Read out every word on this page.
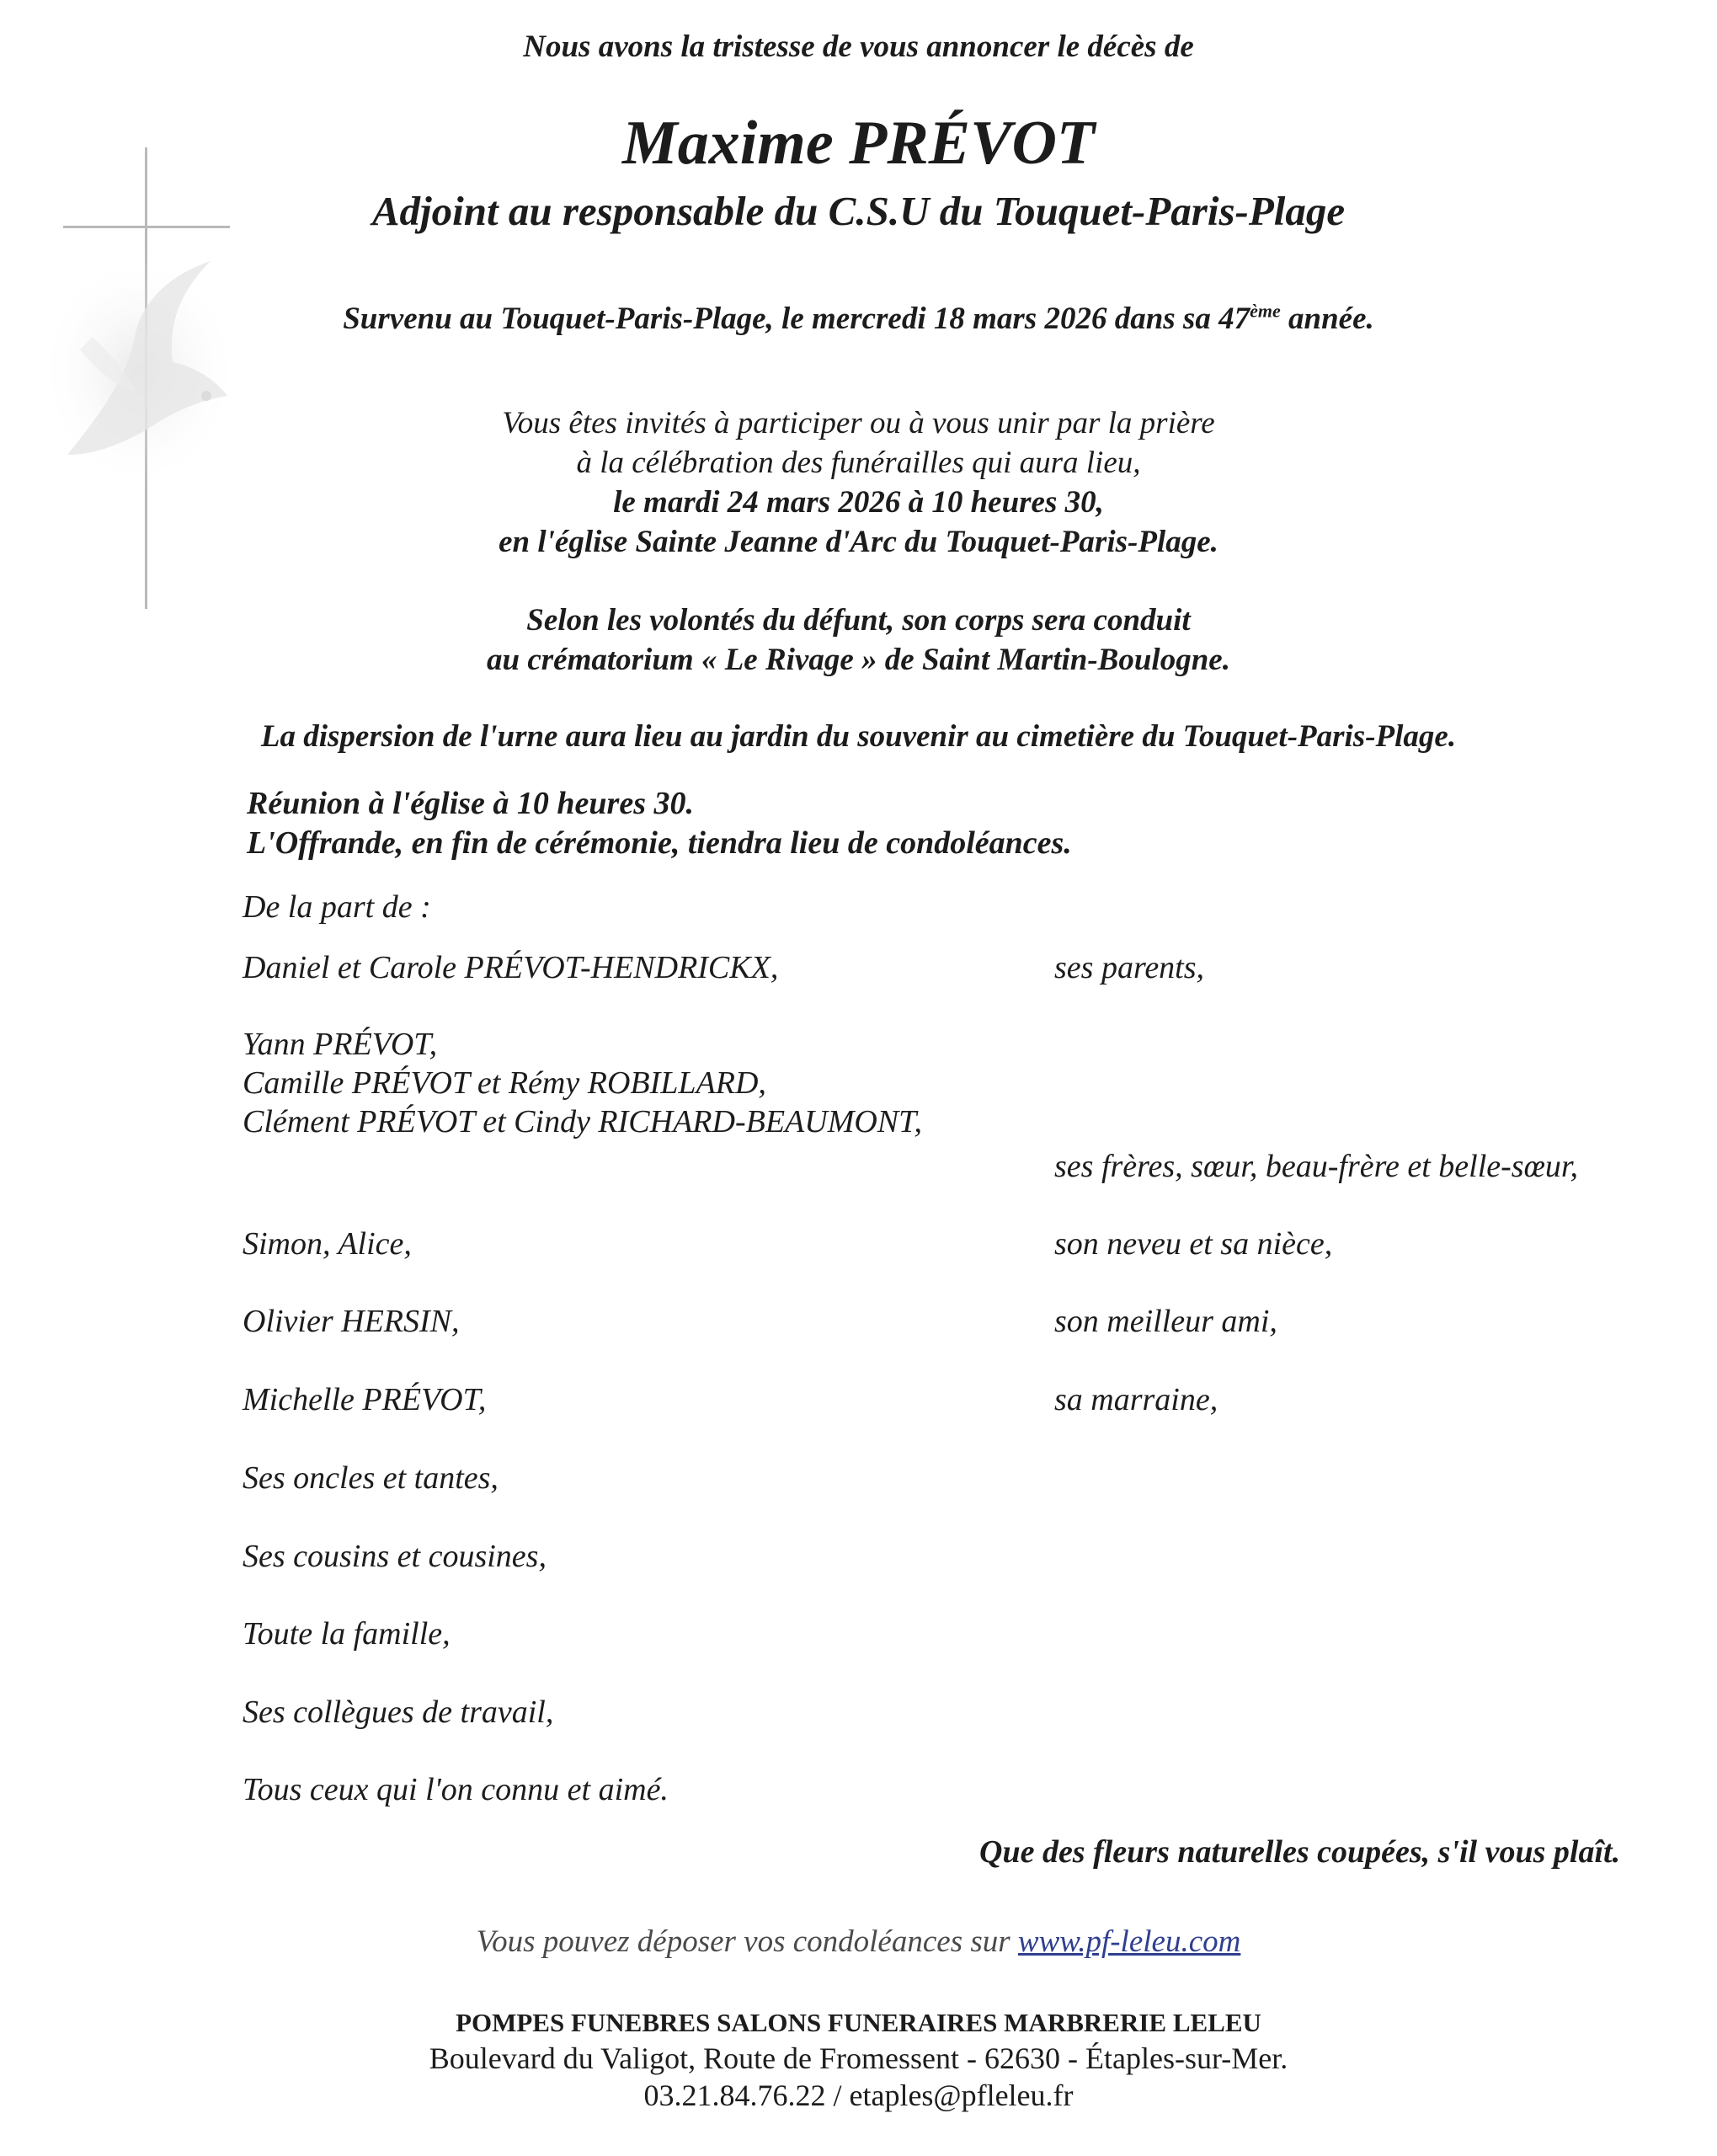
Nous avons la tristesse de vous annoncer le décès de
Maxime PRÉVOT
Adjoint au responsable du C.S.U du Touquet-Paris-Plage
Survenu au Touquet-Paris-Plage, le mercredi 18 mars 2026 dans sa 47ème année.
Vous êtes invités à participer ou à vous unir par la prière
à la célébration des funérailles qui aura lieu,
le mardi 24 mars 2026 à 10 heures 30,
en l'église Sainte Jeanne d'Arc du Touquet-Paris-Plage.
Selon les volontés du défunt, son corps sera conduit
au crématorium « Le Rivage » de Saint Martin-Boulogne.
La dispersion de l'urne aura lieu au jardin du souvenir au cimetière du Touquet-Paris-Plage.
Réunion à l'église à 10 heures 30.
L'Offrande, en fin de cérémonie, tiendra lieu de condoléances.
De la part de :
Daniel et Carole PRÉVOT-HENDRICKX,	ses parents,
Yann PRÉVOT,
Camille PRÉVOT et Rémy ROBILLARD,
Clément PRÉVOT et Cindy RICHARD-BEAUMONT,
ses frères, sœur, beau-frère et belle-sœur,
Simon, Alice,	son neveu et sa nièce,
Olivier HERSIN,	son meilleur ami,
Michelle PRÉVOT,	sa marraine,
Ses oncles et tantes,
Ses cousins et cousines,
Toute la famille,
Ses collègues de travail,
Tous ceux qui l'on connu et aimé.
Que des fleurs naturelles coupées, s'il vous plaît.
Vous pouvez déposer vos condoléances sur www.pf-leleu.com
POMPES FUNEBRES SALONS FUNERAIRES MARBRERIE LELEU
Boulevard du Valigot, Route de Fromessent - 62630 - Étaples-sur-Mer.
03.21.84.76.22 / etaples@pfleleu.fr
